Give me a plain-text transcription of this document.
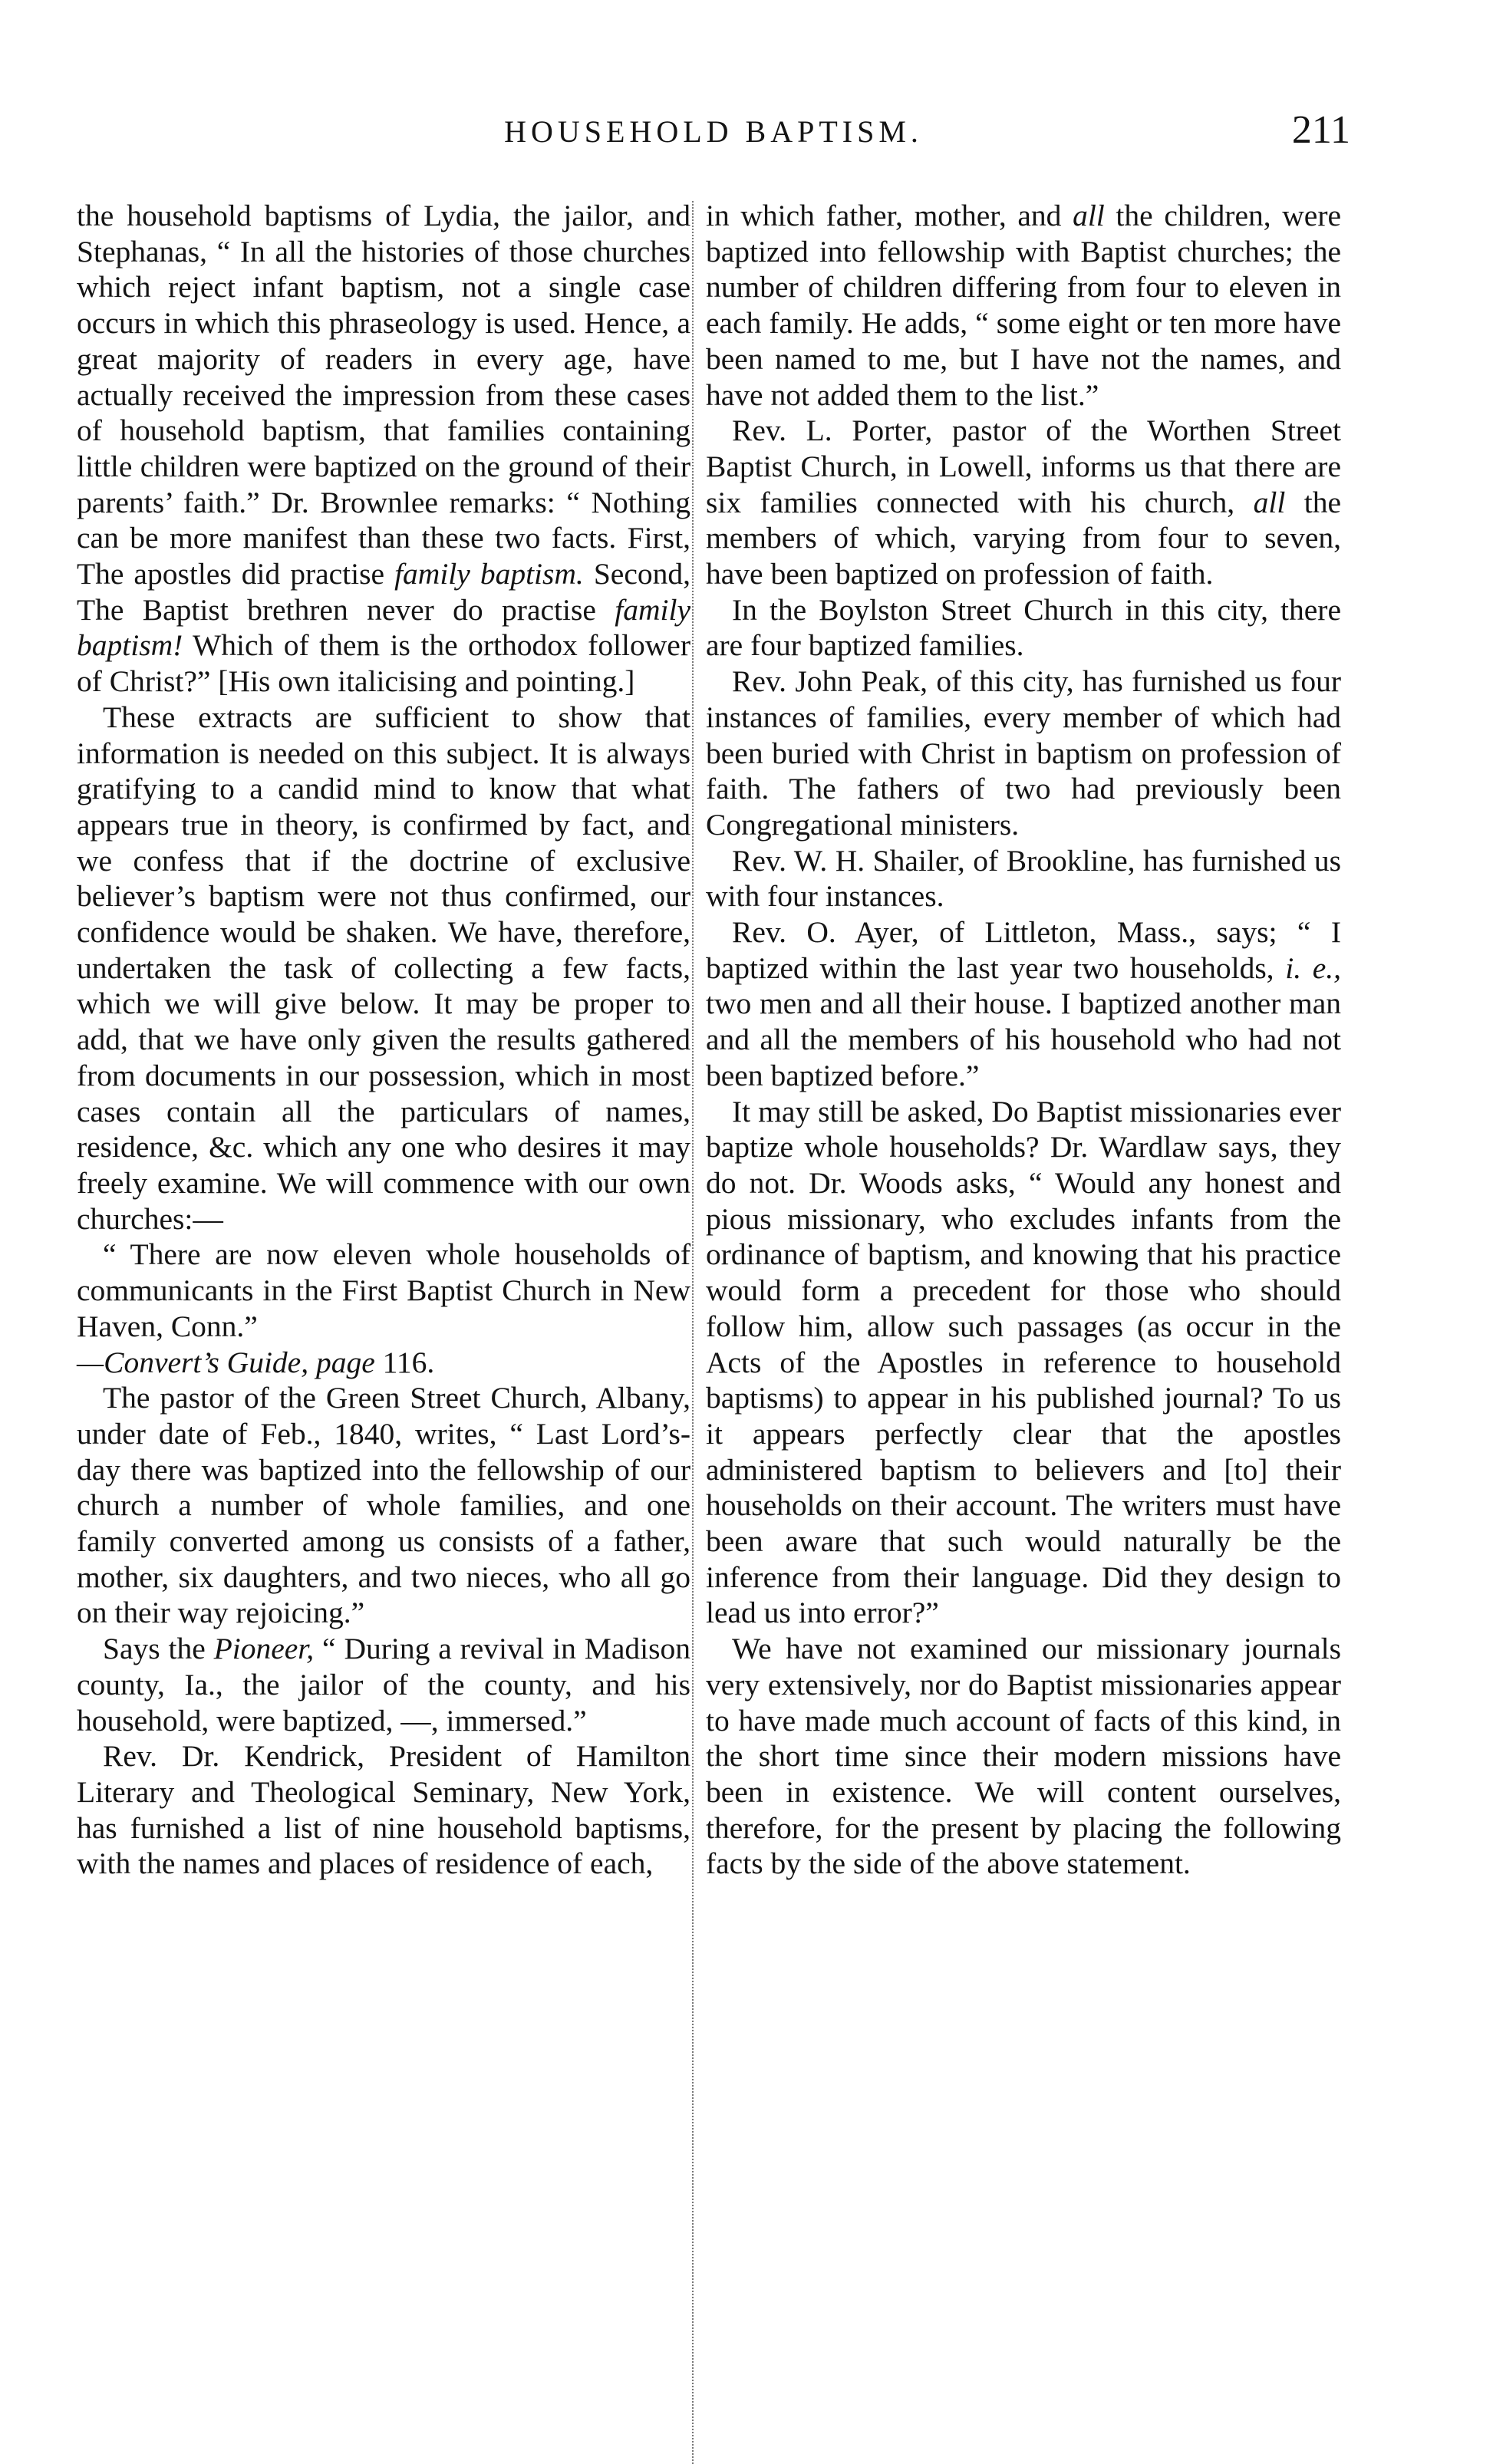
HOUSEHOLD BAPTISM.	211

the household baptisms of Lydia, the jailor, and Stephanas, “ In all the histories of those churches which reject infant baptism, not a single case occurs in which this phraseology is used. Hence, a great majority of readers in every age, have actually received the impression from these cases of household baptism, that families containing little children were baptized on the ground of their parents’ faith.” Dr. Brownlee remarks: “ Nothing can be more manifest than these two facts. First, The apostles did practise family baptism. Second, The Baptist brethren never do practise family baptism! Which of them is the orthodox follower of Christ?” [His own italicising and pointing.]

These extracts are sufficient to show that information is needed on this subject. It is always gratifying to a candid mind to know that what appears true in theory, is confirmed by fact, and we confess that if the doctrine of exclusive believer’s baptism were not thus confirmed, our confidence would be shaken. We have, therefore, undertaken the task of collecting a few facts, which we will give below. It may be proper to add, that we have only given the results gathered from documents in our possession, which in most cases contain all the particulars of names, residence, &c. which any one who desires it may freely examine. We will commence with our own churches:—

“ There are now eleven whole households of communicants in the First Baptist Church in New Haven, Conn.”

—Convert’s Guide, page 116.

The pastor of the Green Street Church, Albany, under date of Feb., 1840, writes, “ Last Lord’s-day there was baptized into the fellowship of our church a number of whole families, and one family converted among us consists of a father, mother, six daughters, and two nieces, who all go on their way rejoicing.”

Says the Pioneer, “ During a revival in Madison county, Ia., the jailor of the county, and his household, were baptized, —, immersed.”

Rev. Dr. Kendrick, President of Hamilton Literary and Theological Seminary, New York, has furnished a list of nine household baptisms, with the names and places of residence of each,

in which father, mother, and all the children, were baptized into fellowship with Baptist churches; the number of children differing from four to eleven in each family. He adds, “ some eight or ten more have been named to me, but I have not the names, and have not added them to the list.”

Rev. L. Porter, pastor of the Worthen Street Baptist Church, in Lowell, informs us that there are six families connected with his church, all the members of which, varying from four to seven, have been baptized on profession of faith.

In the Boylston Street Church in this city, there are four baptized families.

Rev. John Peak, of this city, has furnished us four instances of families, every member of which had been buried with Christ in baptism on profession of faith. The fathers of two had previously been Congregational ministers.

Rev. W. H. Shailer, of Brookline, has furnished us with four instances.

Rev. O. Ayer, of Littleton, Mass., says; “ I baptized within the last year two households, i. e., two men and all their house. I baptized another man and all the members of his household who had not been baptized before.”

It may still be asked, Do Baptist missionaries ever baptize whole households? Dr. Wardlaw says, they do not. Dr. Woods asks, “ Would any honest and pious missionary, who excludes infants from the ordinance of baptism, and knowing that his practice would form a precedent for those who should follow him, allow such passages (as occur in the Acts of the Apostles in reference to household baptisms) to appear in his published journal? To us it appears perfectly clear that the apostles administered baptism to believers and [to] their households on their account. The writers must have been aware that such would naturally be the inference from their language. Did they design to lead us into error?”

We have not examined our missionary journals very extensively, nor do Baptist missionaries appear to have made much account of facts of this kind, in the short time since their modern missions have been in existence. We will content ourselves, therefore, for the present by placing the following facts by the side of the above statement.
